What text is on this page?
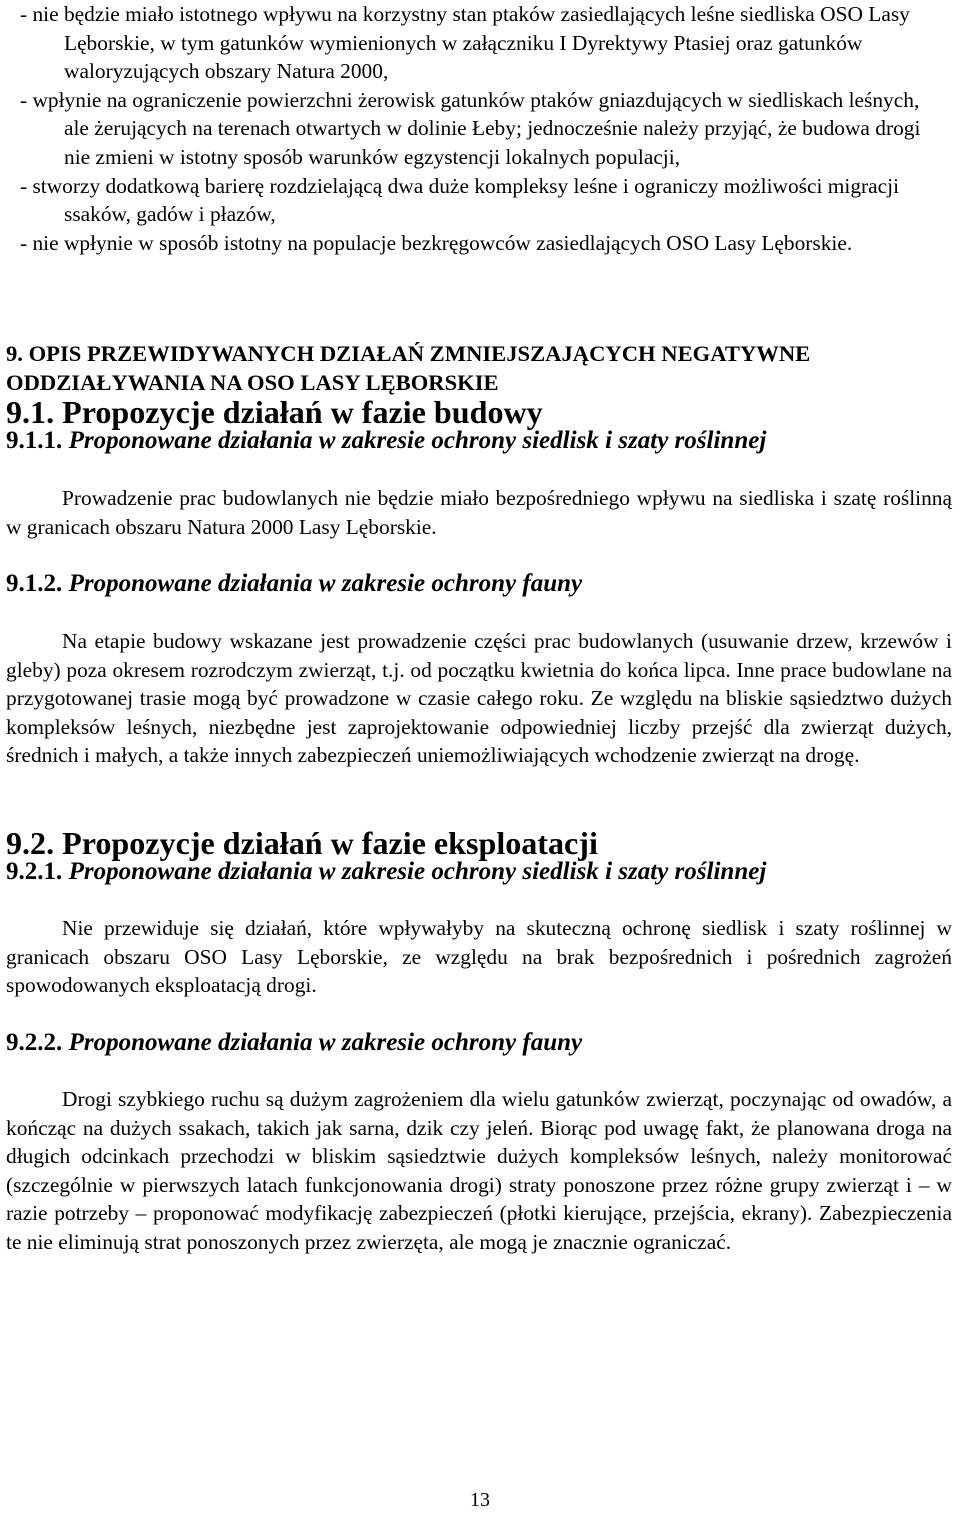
- nie będzie miało istotnego wpływu na korzystny stan ptaków zasiedlających leśne siedliska OSO Lasy Lęborskie, w tym gatunków wymienionych w załączniku I Dyrektywy Ptasiej oraz gatunków waloryzujących obszary Natura 2000,

- wpłynie na ograniczenie powierzchni żerowisk gatunków ptaków gniazdujących w siedliskach leśnych, ale żerujących na terenach otwartych w dolinie Łeby; jednocześnie należy przyjąć, że budowa drogi nie zmieni w istotny sposób warunków egzystencji lokalnych populacji,

- stworzy dodatkową barierę rozdzielającą dwa duże kompleksy leśne i ograniczy możliwości migracji ssaków, gadów i płazów,

- nie wpłynie w sposób istotny na populacje bezkręgowców zasiedlających OSO Lasy Lęborskie.

9. OPIS PRZEWIDYWANYCH DZIAŁAŃ ZMNIEJSZAJĄCYCH NEGATYWNE ODDZIAŁYWANIA NA OSO LASY LĘBORSKIE
9.1. Propozycje działań w fazie budowy
9.1.1. Proponowane działania w zakresie ochrony siedlisk i szaty roślinnej

Prowadzenie prac budowlanych nie będzie miało bezpośredniego wpływu na siedliska i szatę roślinną w granicach obszaru Natura 2000 Lasy Lęborskie.

9.1.2. Proponowane działania w zakresie ochrony fauny

Na etapie budowy wskazane jest prowadzenie części prac budowlanych (usuwanie drzew, krzewów i gleby) poza okresem rozrodczym zwierząt, t.j. od początku kwietnia do końca lipca. Inne prace budowlane na przygotowanej trasie mogą być prowadzone w czasie całego roku. Ze względu na bliskie sąsiedztwo dużych kompleksów leśnych, niezbędne jest zaprojektowanie odpowiedniej liczby przejść dla zwierząt dużych, średnich i małych, a także innych zabezpieczeń uniemożliwiających wchodzenie zwierząt na drogę.

9.2. Propozycje działań w fazie eksploatacji
9.2.1. Proponowane działania w zakresie ochrony siedlisk i szaty roślinnej

Nie przewiduje się działań, które wpływałyby na skuteczną ochronę siedlisk i szaty roślinnej w granicach obszaru OSO Lasy Lęborskie, ze względu na brak bezpośrednich i pośrednich zagrożeń spowodowanych eksploatacją drogi.

9.2.2. Proponowane działania w zakresie ochrony fauny

Drogi szybkiego ruchu są dużym zagrożeniem dla wielu gatunków zwierząt, poczynając od owadów, a kończąc na dużych ssakach, takich jak sarna, dzik czy jeleń. Biorąc pod uwagę fakt, że planowana droga na długich odcinkach przechodzi w bliskim sąsiedztwie dużych kompleksów leśnych, należy monitorować (szczególnie w pierwszych latach funkcjonowania drogi) straty ponoszone przez różne grupy zwierząt i – w razie potrzeby – proponować modyfikację zabezpieczeń (płotki kierujące, przejścia, ekrany). Zabezpieczenia te nie eliminują strat ponoszonych przez zwierzęta, ale mogą je znacznie ograniczać.

13
